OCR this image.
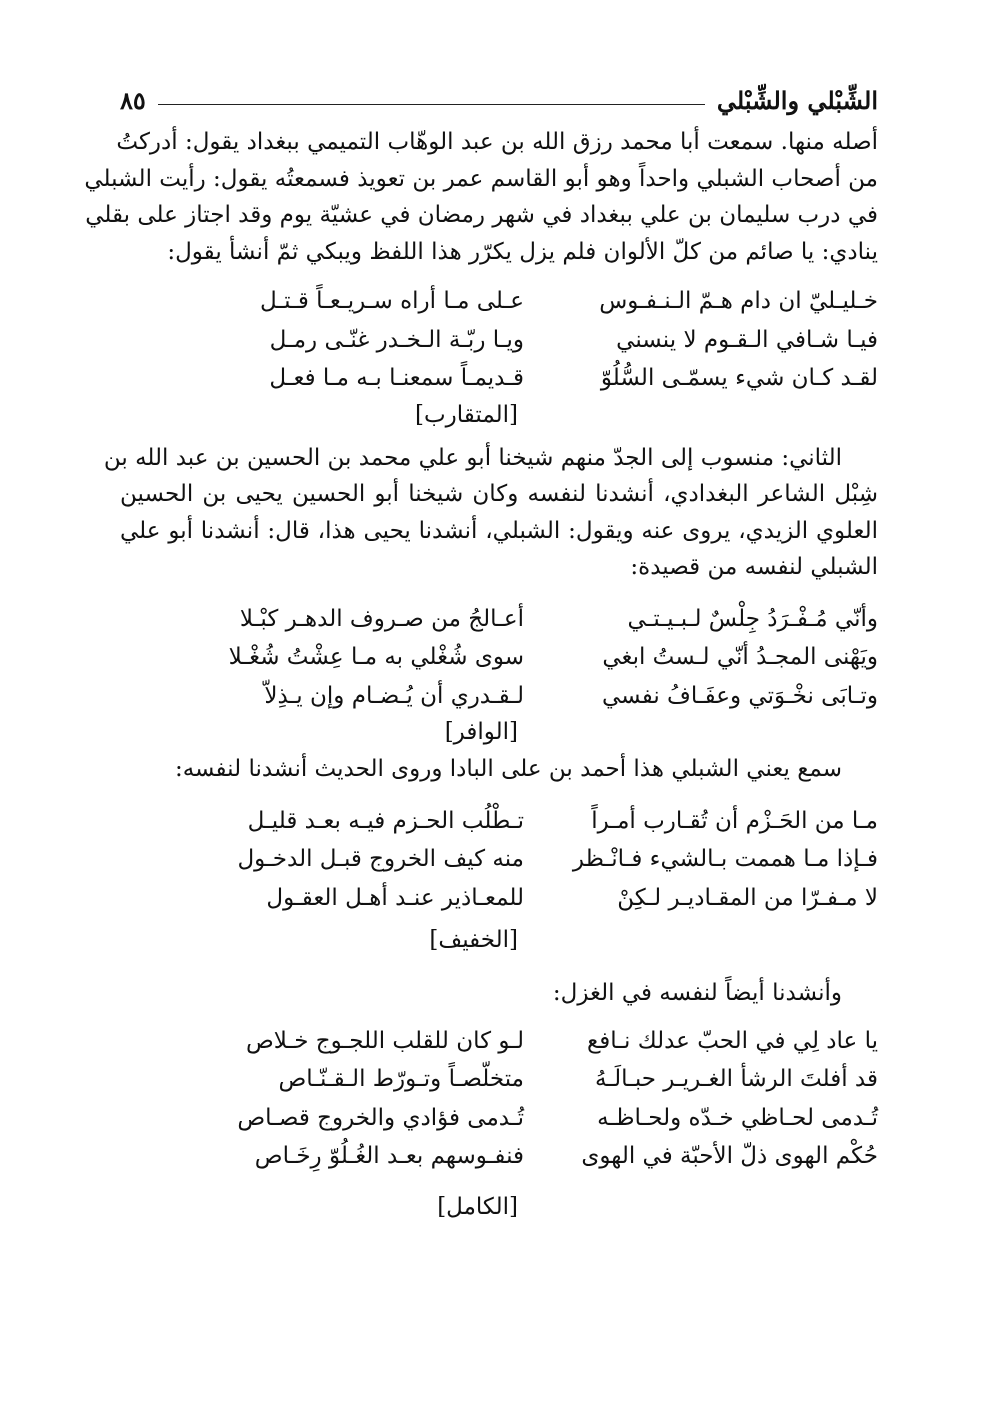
الشِّبْلي والشِّبْلي
٨٥
أصله منها. سمعت أبا محمد رزق الله بن عبد الوهّاب التميمي ببغداد يقول: أدركتُ
من أصحاب الشبلي واحداً وهو أبو القاسم عمر بن تعويذ فسمعتُه يقول: رأيت الشبلي
في درب سليمان بن علي ببغداد في شهر رمضان في عشيّة يوم وقد اجتاز على بقلي
ينادي: يا صائم من كلّ الألوان فلم يزل يكرّر هذا اللفظ ويبكي ثمّ أنشأ يقول:
خـليـليّ ان دام هـمّ الـنـفـوس
عـلى مـا أراه سـريـعـاً قـتـل
فيـا شـافي الـقـوم لا ينسني
ويـا ربّـة الـخـدر غنّـى رمـل
لقـد كـان شيء يسمّـى السُّلُوّ
قـديمـاً سمعنـا بـه مـا فعـل
[المتقارب]
الثاني: منسوب إلى الجدّ منهم شيخنا أبو علي محمد بن الحسين بن عبد الله بن
شِبْل الشاعر البغدادي، أنشدنا لنفسه وكان شيخنا أبو الحسين يحيى بن الحسين
العلوي الزيدي، يروى عنه ويقول: الشبلي، أنشدنا يحيى هذا، قال: أنشدنا أبو علي
الشبلي لنفسه من قصيدة:
وأنّي مُـفْـرَدُ جِلْسٌ لـبـيـتـي
أعـالجُ من صـروف الدهـر كبْـلا
ويَهْنى المجـدُ أنّي لـستُ ابغي
سوى شُغْلي به مـا عِشْتُ شُغْـلا
وتـابَى نخْـوَتي وعفَـافُ نفسي
لـقـدري أن يُـضـام وإن يـذِلاّ
[الوافر]
سمع يعني الشبلي هذا أحمد بن على البادا وروى الحديث أنشدنا لنفسه:
مـا من الحَـزْم أن تُقـارب أمـراً
تـطْلُب الحـزم فيـه بعـد قليـل
فـإذا مـا هممت بـالشيء فـانْـظر
منه كيف الخروج قبـل الدخـول
لا مـفـرّا من المقـاديـر لـكِنْ
للمعـاذير عنـد أهـل العقـول
[الخفيف]
وأنشدنا أيضاً لنفسه في الغزل:
يا عاد لِي في الحبّ عدلك نـافع
لـو كان للقلب اللجـوج خـلاص
قد أفلتَ الرشأ الغـريـر حبـالَـهُ
متخلّصـاً وتـورّط الـقـنّـاص
تُـدمى لحـاظي خـدّه ولحـاظـه
تُـدمى فؤادي والخروج قصـاص
حُكْم الهوى ذلّ الأحبّة في الهوى
فنفـوسهم بعـد الغُـلُوّ رِخَـاص
[الكامل]
